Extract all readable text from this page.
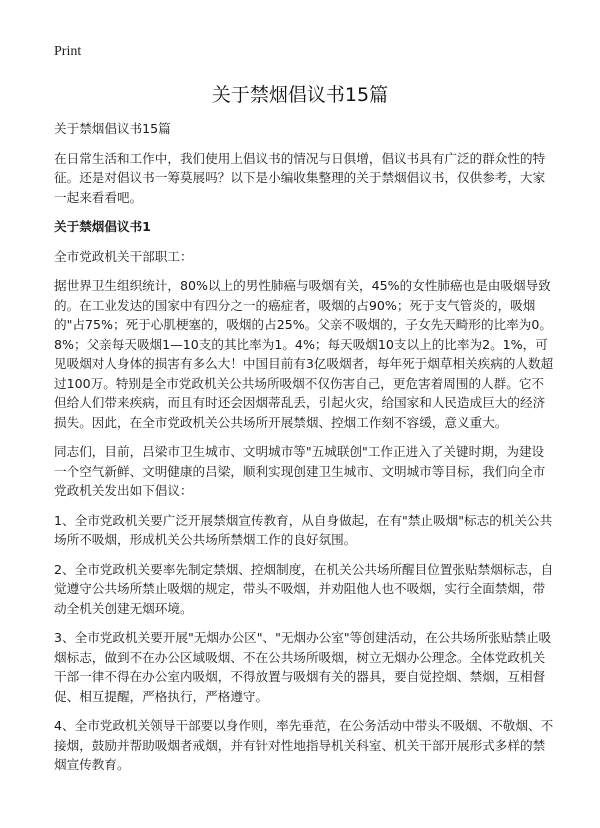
Print
关于禁烟倡议书15篇

关于禁烟倡议书15篇

在日常生活和工作中，我们使用上倡议书的情况与日俱增，倡议书具有广泛的群众性的特征。还是对倡议书一筹莫展吗？以下是小编收集整理的关于禁烟倡议书，仅供参考，大家一起来看看吧。

关于禁烟倡议书1

全市党政机关干部职工：

据世界卫生组织统计，80%以上的男性肺癌与吸烟有关，45%的女性肺癌也是由吸烟导致的。在工业发达的国家中有四分之一的癌症者，吸烟的占90%；死于支气管炎的，吸烟的"占75%；死于心肌梗塞的，吸烟的占25%。父亲不吸烟的，子女先天畸形的比率为0。8%；父亲每天吸烟1—10支的其比率为1。4%；每天吸烟10支以上的比率为2。1%，可见吸烟对人身体的损害有多么大！中国目前有3亿吸烟者，每年死于烟草相关疾病的人数超过100万。特别是全市党政机关公共场所吸烟不仅伤害自己，更危害着周围的人群。它不但给人们带来疾病，而且有时还会因烟蒂乱丢，引起火灾，给国家和人民造成巨大的经济损失。因此，在全市党政机关公共场所开展禁烟、控烟工作刻不容缓，意义重大。

同志们，目前，吕梁市卫生城市、文明城市等"五城联创"工作正进入了关键时期，为建设一个空气新鲜、文明健康的吕梁，顺利实现创建卫生城市、文明城市等目标，我们向全市党政机关发出如下倡议：

1、全市党政机关要广泛开展禁烟宣传教育，从自身做起，在有"禁止吸烟"标志的机关公共场所不吸烟，形成机关公共场所禁烟工作的良好氛围。

2、全市党政机关要率先制定禁烟、控烟制度，在机关公共场所醒目位置张贴禁烟标志，自觉遵守公共场所禁止吸烟的规定，带头不吸烟，并劝阻他人也不吸烟，实行全面禁烟，带动全机关创建无烟环境。

3、全市党政机关要开展"无烟办公区"、"无烟办公室"等创建活动，在公共场所张贴禁止吸烟标志，做到不在办公区域吸烟、不在公共场所吸烟，树立无烟办公理念。全体党政机关干部一律不得在办公室内吸烟，不得放置与吸烟有关的器具，要自觉控烟、禁烟，互相督促、相互提醒，严格执行，严格遵守。

4、全市党政机关领导干部要以身作则，率先垂范，在公务活动中带头不吸烟、不敬烟、不接烟，鼓励并帮助吸烟者戒烟，并有针对性地指导机关科室、机关干部开展形式多样的禁烟宣传教育。
